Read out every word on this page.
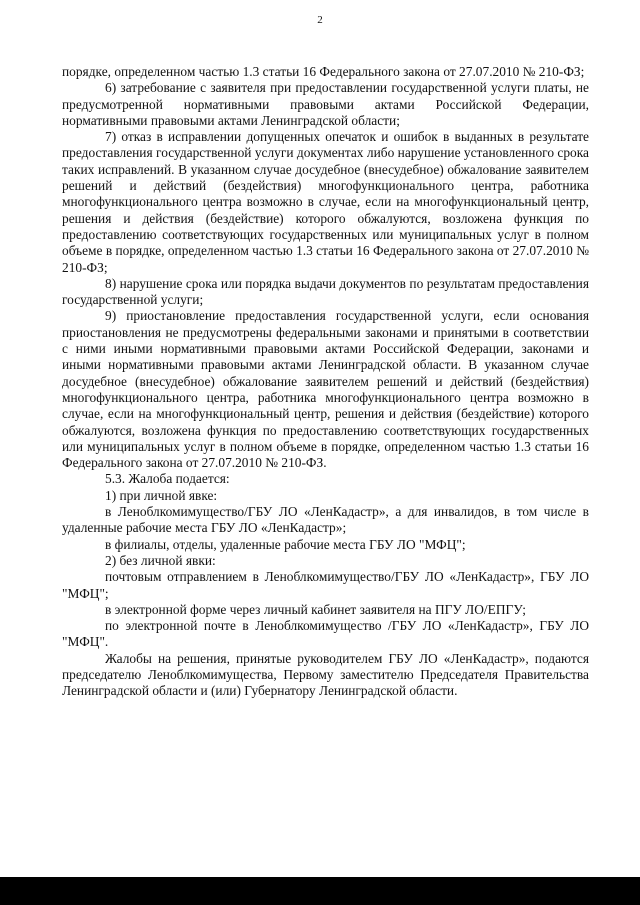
2

порядке, определенном частью 1.3 статьи 16 Федерального закона от 27.07.2010 № 210-ФЗ;

6) затребование с заявителя при предоставлении государственной услуги платы, не предусмотренной нормативными правовыми актами Российской Федерации, нормативными правовыми актами Ленинградской области;

7) отказ в исправлении допущенных опечаток и ошибок в выданных в результате предоставления государственной услуги документах либо нарушение установленного срока таких исправлений. В указанном случае досудебное (внесудебное) обжалование заявителем решений и действий (бездействия) многофункционального центра, работника многофункционального центра возможно в случае, если на многофункциональный центр, решения и действия (бездействие) которого обжалуются, возложена функция по предоставлению соответствующих государственных или муниципальных услуг в полном объеме в порядке, определенном частью 1.3 статьи 16 Федерального закона от 27.07.2010 № 210-ФЗ;

8) нарушение срока или порядка выдачи документов по результатам предоставления государственной услуги;

9) приостановление предоставления государственной услуги, если основания приостановления не предусмотрены федеральными законами и принятыми в соответствии с ними иными нормативными правовыми актами Российской Федерации, законами и иными нормативными правовыми актами Ленинградской области. В указанном случае досудебное (внесудебное) обжалование заявителем решений и действий (бездействия) многофункционального центра, работника многофункционального центра возможно в случае, если на многофункциональный центр, решения и действия (бездействие) которого обжалуются, возложена функция по предоставлению соответствующих государственных или муниципальных услуг в полном объеме в порядке, определенном частью 1.3 статьи 16 Федерального закона от 27.07.2010 № 210-ФЗ.

5.3. Жалоба подается:

1) при личной явке:

в Леноблкомимущество/ГБУ ЛО «ЛенКадастр», а для инвалидов, в том числе в удаленные рабочие места ГБУ ЛО «ЛенКадастр»;

в филиалы, отделы, удаленные рабочие места ГБУ ЛО "МФЦ";

2) без личной явки:

почтовым отправлением в Леноблкомимущество/ГБУ ЛО «ЛенКадастр», ГБУ ЛО "МФЦ";

в электронной форме через личный кабинет заявителя на ПГУ ЛО/ЕПГУ;

по электронной почте в Леноблкомимущество /ГБУ ЛО «ЛенКадастр», ГБУ ЛО "МФЦ".

Жалобы на решения, принятые руководителем ГБУ ЛО «ЛенКадастр», подаются председателю Леноблкомимущества, Первому заместителю Председателя Правительства Ленинградской области и (или) Губернатору Ленинградской области.
